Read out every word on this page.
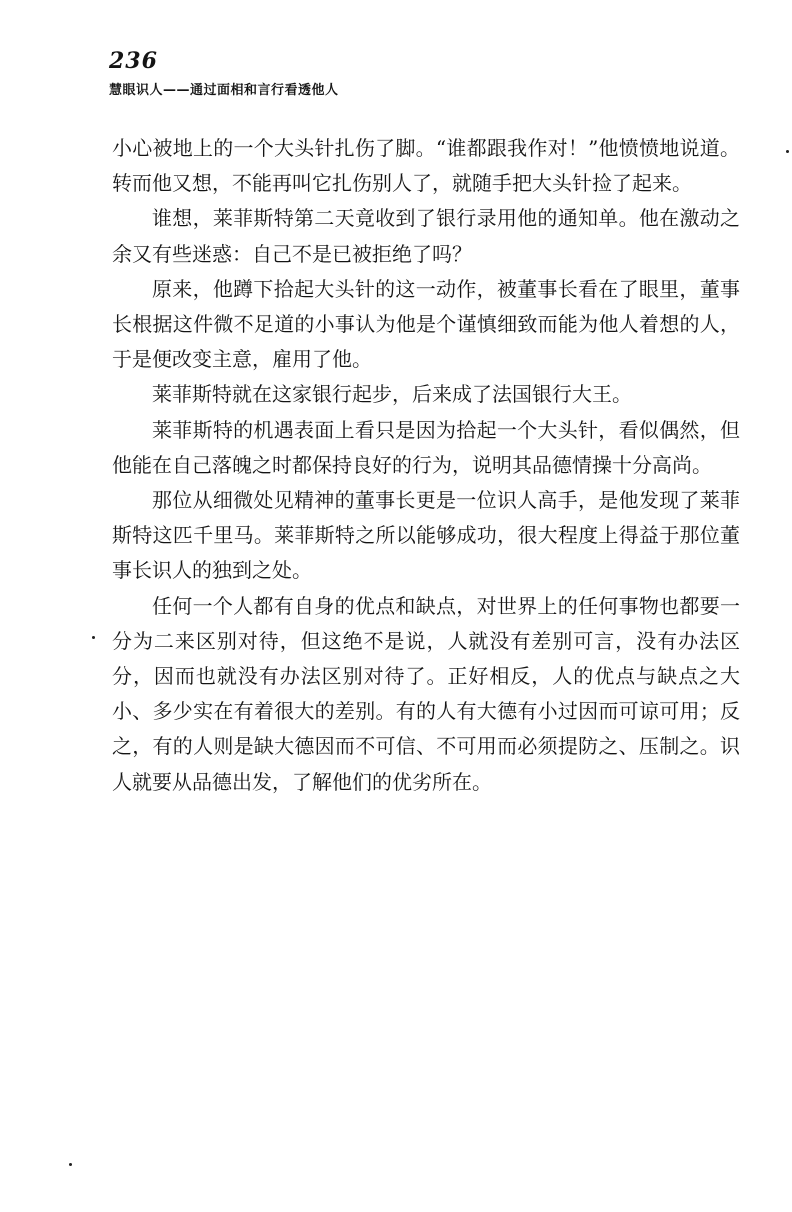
236
慧眼识人——通过面相和言行看透他人

小心被地上的一个大头针扎伤了脚。“谁都跟我作对！”他愤愤地说道。转而他又想，不能再叫它扎伤别人了，就随手把大头针捡了起来。

谁想，莱菲斯特第二天竟收到了银行录用他的通知单。他在激动之余又有些迷惑：自己不是已被拒绝了吗？

原来，他蹲下拾起大头针的这一动作，被董事长看在了眼里，董事长根据这件微不足道的小事认为他是个谨慎细致而能为他人着想的人，于是便改变主意，雇用了他。

莱菲斯特就在这家银行起步，后来成了法国银行大王。

莱菲斯特的机遇表面上看只是因为拾起一个大头针，看似偶然，但他能在自己落魄之时都保持良好的行为，说明其品德情操十分高尚。

那位从细微处见精神的董事长更是一位识人高手，是他发现了莱菲斯特这匹千里马。莱菲斯特之所以能够成功，很大程度上得益于那位董事长识人的独到之处。

任何一个人都有自身的优点和缺点，对世界上的任何事物也都要一分为二来区别对待，但这绝不是说，人就没有差别可言，没有办法区分，因而也就没有办法区别对待了。正好相反，人的优点与缺点之大小、多少实在有着很大的差别。有的人有大德有小过因而可谅可用；反之，有的人则是缺大德因而不可信、不可用而必须提防之、压制之。识人就要从品德出发，了解他们的优劣所在。
